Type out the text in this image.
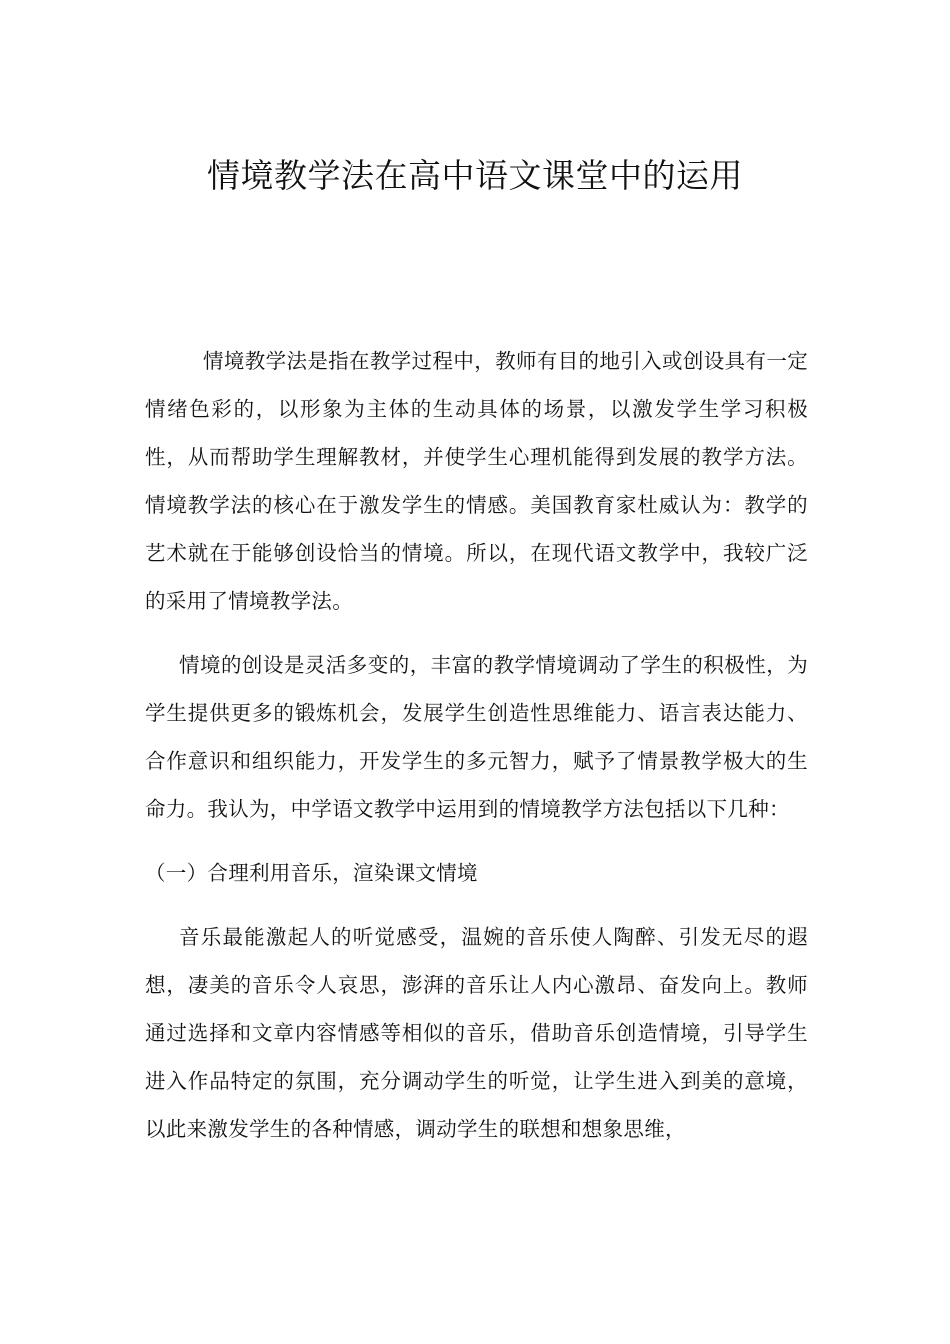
情境教学法在高中语文课堂中的运用

情境教学法是指在教学过程中，教师有目的地引入或创设具有一定情绪色彩的，以形象为主体的生动具体的场景，以激发学生学习积极性，从而帮助学生理解教材，并使学生心理机能得到发展的教学方法。情境教学法的核心在于激发学生的情感。美国教育家杜威认为：教学的艺术就在于能够创设恰当的情境。所以，在现代语文教学中，我较广泛的采用了情境教学法。

情境的创设是灵活多变的，丰富的教学情境调动了学生的积极性，为学生提供更多的锻炼机会，发展学生创造性思维能力、语言表达能力、合作意识和组织能力，开发学生的多元智力，赋予了情景教学极大的生命力。我认为，中学语文教学中运用到的情境教学方法包括以下几种：

（一）合理利用音乐，渲染课文情境

音乐最能激起人的听觉感受，温婉的音乐使人陶醉、引发无尽的遐想，凄美的音乐令人哀思，澎湃的音乐让人内心激昂、奋发向上。教师通过选择和文章内容情感等相似的音乐，借助音乐创造情境，引导学生进入作品特定的氛围，充分调动学生的听觉，让学生进入到美的意境，以此来激发学生的各种情感，调动学生的联想和想象思维，
